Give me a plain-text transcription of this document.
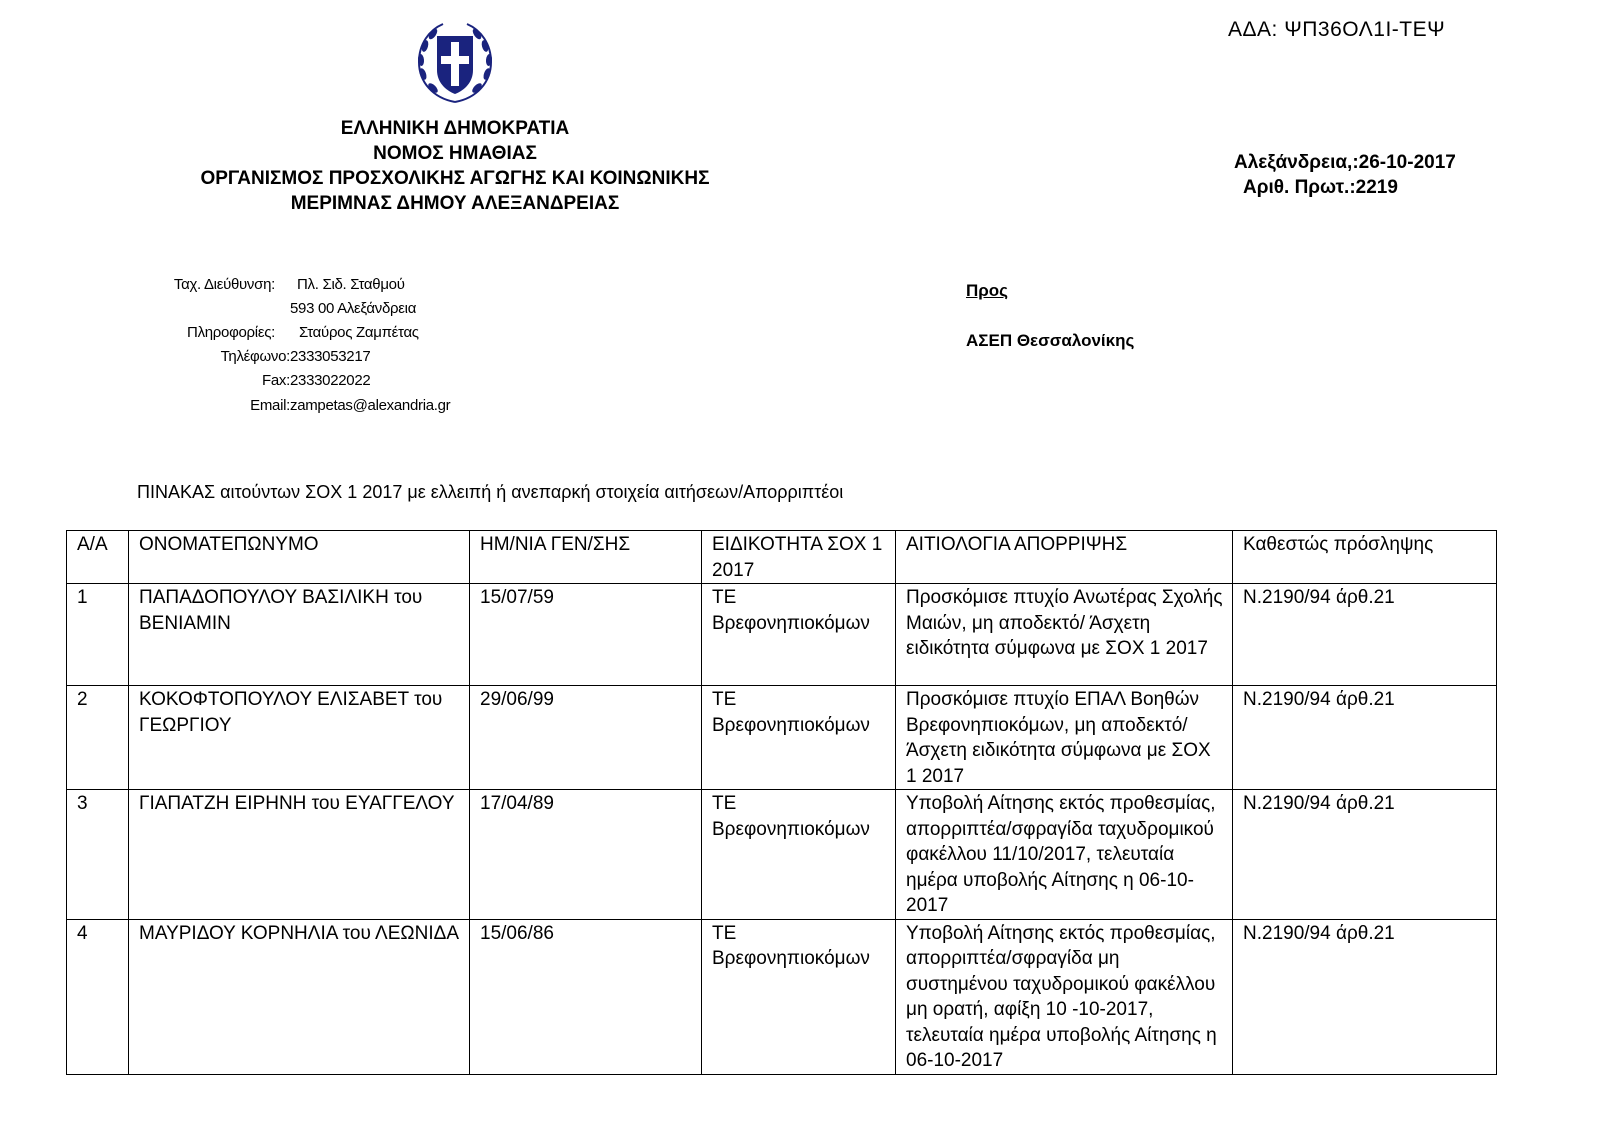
ΑΔΑ: ΨΠ36ΟΛ1Ι-ΤΕΨ
ΕΛΛΗΝΙΚΗ ΔΗΜΟΚΡΑΤΙΑ
ΝΟΜΟΣ ΗΜΑΘΙΑΣ
ΟΡΓΑΝΙΣΜΟΣ ΠΡΟΣΧΟΛΙΚΗΣ ΑΓΩΓΗΣ ΚΑΙ ΚΟΙΝΩΝΙΚΗΣ
ΜΕΡΙΜΝΑΣ ΔΗΜΟΥ ΑΛΕΞΑΝΔΡΕΙΑΣ
Αλεξάνδρεια,:26-10-2017
Αριθ. Πρωτ.:2219
Ταχ. Διεύθυνση: Πλ. Σιδ. Σταθμού
593 00 Αλεξάνδρεια
Πληροφορίες: Σταύρος Ζαμπέτας
Τηλέφωνο: 2333053217
Fax: 2333022022
Email: zampetas@alexandria.gr
Προς
ΑΣΕΠ Θεσσαλονίκης
ΠΙΝΑΚΑΣ αιτούντων ΣΟΧ 1 2017 με ελλειπή ή ανεπαρκή στοιχεία αιτήσεων/Απορριπτέοι
Α/Α	ΟΝΟΜΑΤΕΠΩΝΥΜΟ	ΗΜ/ΝΙΑ ΓΕΝ/ΣΗΣ	ΕΙΔΙΚΟΤΗΤΑ ΣΟΧ 1 2017	ΑΙΤΙΟΛΟΓΙΑ ΑΠΟΡΡΙΨΗΣ	Καθεστώς πρόσληψης
1	ΠΑΠΑΔΟΠΟΥΛΟΥ ΒΑΣΙΛΙΚΗ του ΒΕΝΙΑΜΙΝ	15/07/59	ΤΕ Βρεφονηπιοκόμων	Προσκόμισε πτυχίο Ανωτέρας Σχολής Μαιών, μη αποδεκτό/ Άσχετη ειδικότητα σύμφωνα με ΣΟΧ 1 2017	Ν.2190/94 άρθ.21
2	ΚΟΚΟΦΤΟΠΟΥΛΟΥ ΕΛΙΣΑΒΕΤ του ΓΕΩΡΓΙΟΥ	29/06/99	ΤΕ Βρεφονηπιοκόμων	Προσκόμισε πτυχίο ΕΠΑΛ Βοηθών Βρεφονηπιοκόμων, μη αποδεκτό/ Άσχετη ειδικότητα σύμφωνα με ΣΟΧ 1 2017	Ν.2190/94 άρθ.21
3	ΓΙΑΠΑΤΖΗ ΕΙΡΗΝΗ του ΕΥΑΓΓΕΛΟΥ	17/04/89	ΤΕ Βρεφονηπιοκόμων	Υποβολή Αίτησης εκτός προθεσμίας, απορριπτέα/σφραγίδα ταχυδρομικού φακέλλου 11/10/2017, τελευταία ημέρα υποβολής Αίτησης η 06-10-2017	Ν.2190/94 άρθ.21
4	ΜΑΥΡΙΔΟΥ ΚΟΡΝΗΛΙΑ του ΛΕΩΝΙΔΑ	15/06/86	ΤΕ Βρεφονηπιοκόμων	Υποβολή Αίτησης εκτός προθεσμίας, απορριπτέα/σφραγίδα μη συστημένου ταχυδρομικού φακέλλου μη ορατή, αφίξη 10 -10-2017, τελευταία ημέρα υποβολής Αίτησης η 06-10-2017	Ν.2190/94 άρθ.21
